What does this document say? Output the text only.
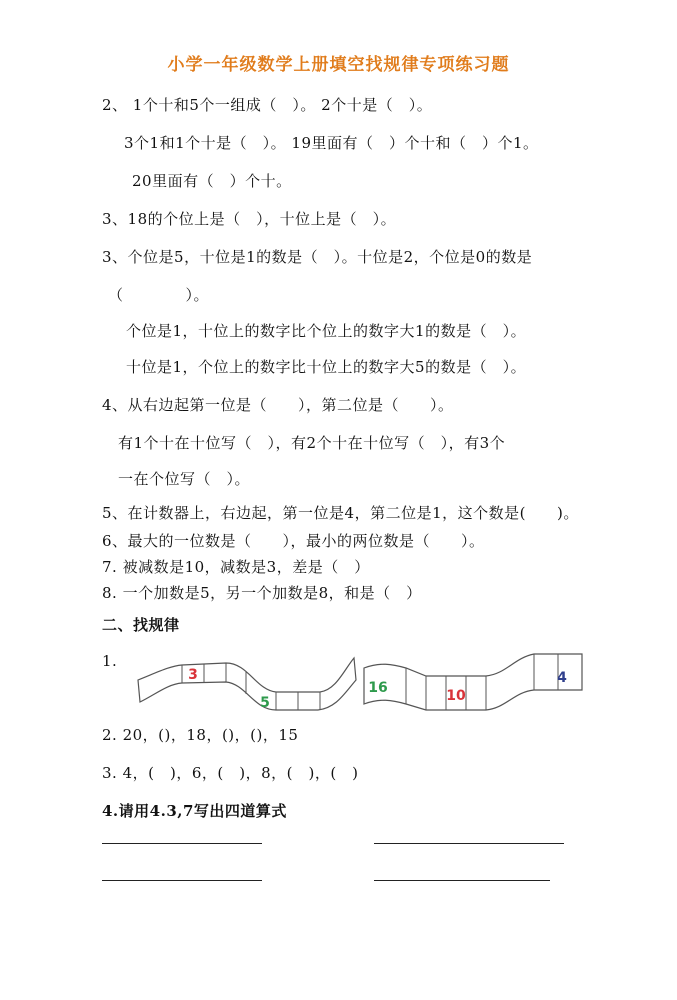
小学一年级数学上册填空找规律专项练习题
2、 1个十和5个一组成（　）。 2个十是（　）。
3个1和1个十是（　）。 19里面有（　）个十和（　）个1。
20里面有（　）个十。
3、18的个位上是（　），十位上是（　）。
3、个位是5，十位是1的数是（　）。十位是2，个位是0的数是
（　　　　）。
个位是1，十位上的数字比个位上的数字大1的数是（　）。
十位是1，个位上的数字比十位上的数字大5的数是（　）。
4、从右边起第一位是（　　），第二位是（　　）。
有1个十在十位写（　），有2个十在十位写（　），有3个
一在个位写（　）。
5、在计数器上，右边起，第一位是4，第二位是1，这个数是(　　)。
6、最大的一位数是（　　），最小的两位数是（　　）。
7. 被减数是10，减数是3，差是（　）
8. 一个加数是5，另一个加数是8，和是（　）
二、找规律
1.
3
5
16	10
4
2. 20，()，18，()，()，15
3. 4，(　)，6，(　)，8，(　)，(　)
4.请用4.3,7写出四道算式
